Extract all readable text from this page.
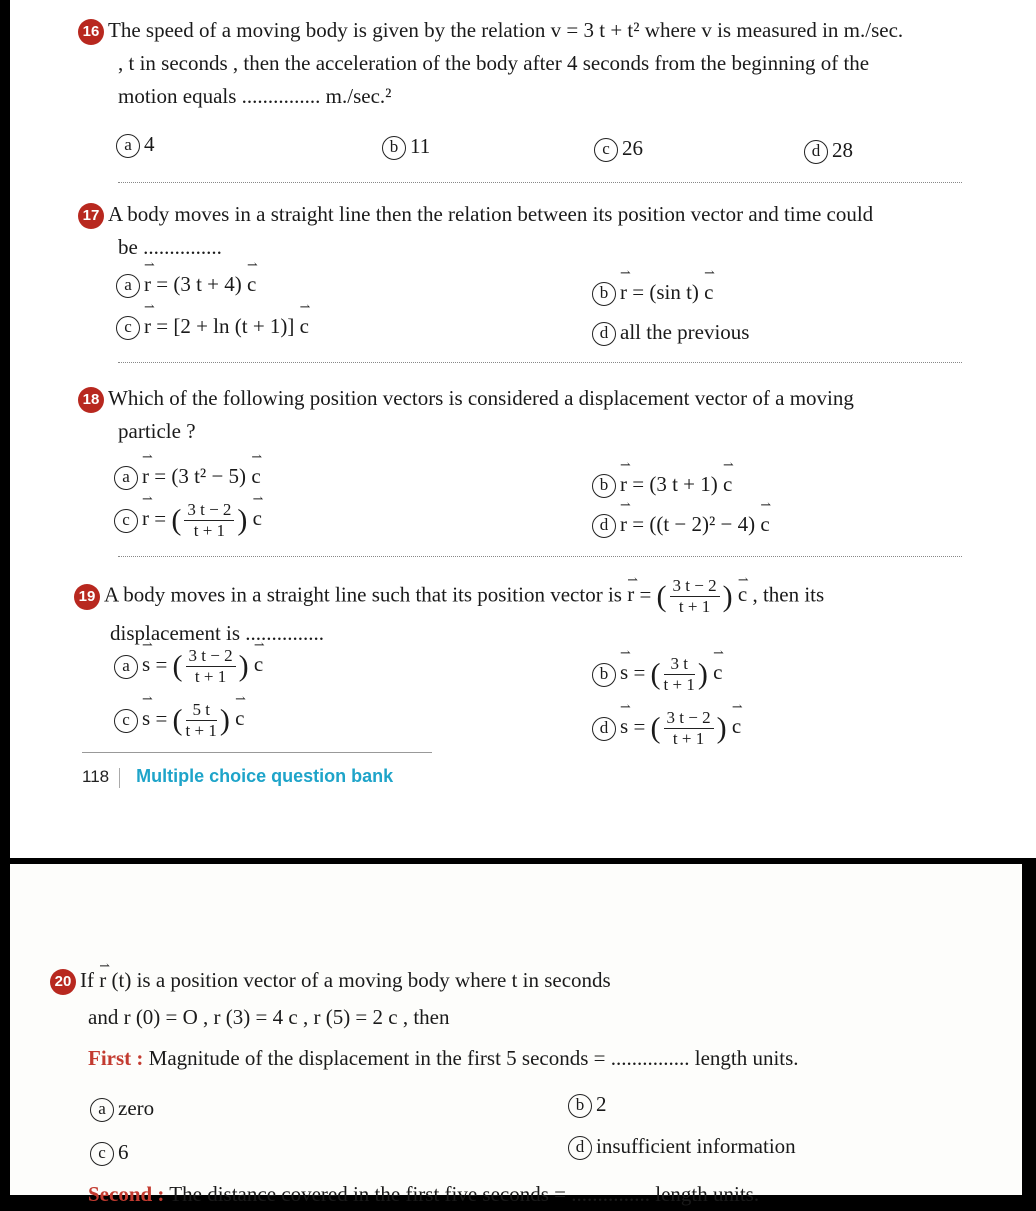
16 The speed of a moving body is given by the relation v = 3 t + t² where v is measured in m./sec.
, t in seconds , then the acceleration of the body after 4 seconds from the beginning of the
motion equals ............... m./sec.²
a 4	b 11	c 26	d 28
17 A body moves in a straight line then the relation between its position vector and time could
be ...............
a ⇀ r = (3 t + 4) ⇀ c	b ⇀ r = (sin t) ⇀ c
c ⇀ r = [2 + ln (t + 1)] ⇀ c	d all the previous
18 Which of the following position vectors is considered a displacement vector of a moving
particle ?
a ⇀ r = (3 t² − 5) ⇀ c	b ⇀ r = (3 t + 1) ⇀ c
c ⇀ r = ( $\frac{3 t - 2}{t + 1}$ ) ⇀ c	d ⇀ r = ((t − 2)² − 4) ⇀ c
19 A body moves in a straight line such that its position vector is ⇀ r = ( $\frac{3 t - 2}{t + 1}$ ) ⇀ c , then its
displacement is ...............
a ⇀ s = ( $\frac{3 t - 2}{t + 1}$ ) ⇀ c	b ⇀ s = ( $\frac{3 t}{t + 1}$ ) ⇀ c
c ⇀ s = ( $\frac{5 t}{t + 1}$ ) ⇀ c	d ⇀ s = ( $\frac{3 t - 2}{t + 1}$ ) ⇀ c
118 Multiple choice question bank
20 If ⇀ r (t) is a position vector of a moving body where t in seconds
and r (0) = O , r (3) = 4 c , r (5) = 2 c , then
First : Magnitude of the displacement in the first 5 seconds = ............... length units.
a zero	b 2
c 6	d insufficient information
Second : The distance covered in the first five seconds = ............... length units.
